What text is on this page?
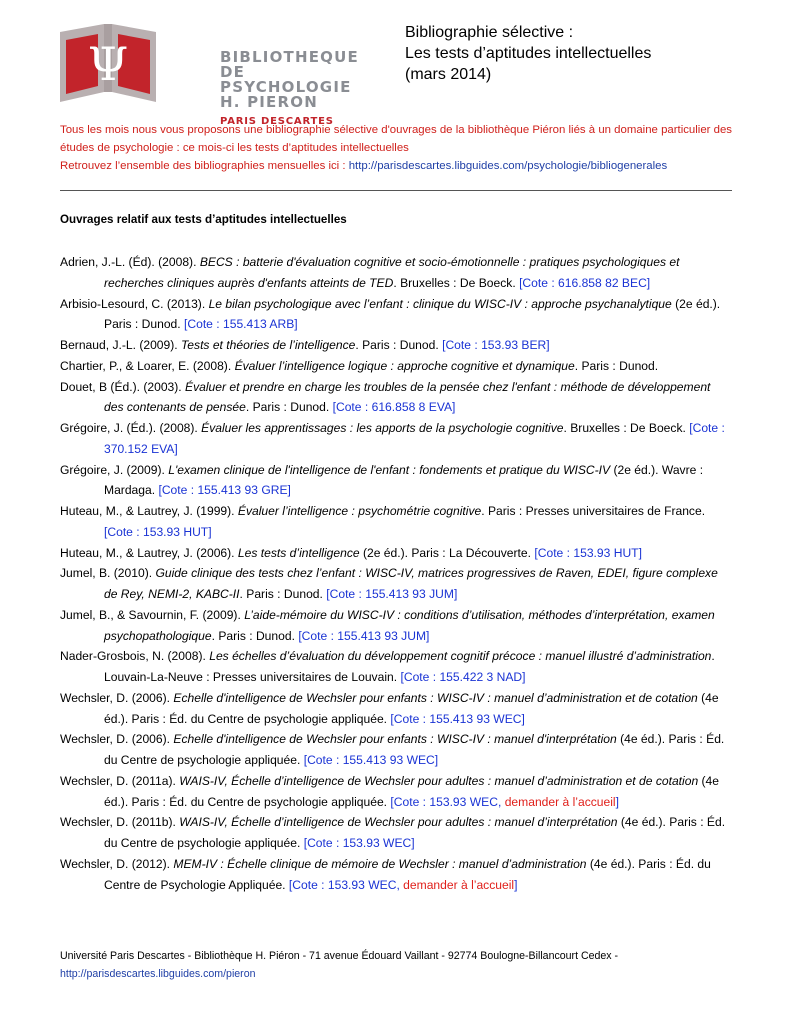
Ψ	BIBLIOTHEQUE DE
PSYCHOLOGIE H. PIERON
PARIS DESCARTES
Bibliographie sélective :
Les tests d’aptitudes intellectuelles
(mars 2014)

Tous les mois nous vous proposons une bibliographie sélective d'ouvrages de la bibliothèque Piéron liés à un domaine particulier des études de psychologie : ce mois-ci les tests d’aptitudes intellectuelles

Retrouvez l’ensemble des bibliographies mensuelles ici : http://parisdescartes.libguides.com/psychologie/bibliogenerales

Ouvrages relatif aux tests d’aptitudes intellectuelles
Adrien, J.-L. (Éd). (2008). BECS : batterie d'évaluation cognitive et socio-émotionnelle : pratiques psychologiques et recherches cliniques auprès d'enfants atteints de TED. Bruxelles : De Boeck. [Cote : 616.858 82 BEC]
Arbisio-Lesourd, C. (2013). Le bilan psychologique avec l’enfant : clinique du WISC-IV : approche psychanalytique (2e éd.). Paris : Dunod. [Cote : 155.413 ARB]
Bernaud, J.-L. (2009). Tests et théories de l’intelligence. Paris : Dunod. [Cote : 153.93 BER]
Chartier, P., & Loarer, E. (2008). Évaluer l’intelligence logique : approche cognitive et dynamique. Paris : Dunod.
Douet, B (Éd.). (2003). Évaluer et prendre en charge les troubles de la pensée chez l'enfant : méthode de développement des contenants de pensée. Paris : Dunod. [Cote : 616.858 8 EVA]
Grégoire, J. (Éd.). (2008). Évaluer les apprentissages : les apports de la psychologie cognitive. Bruxelles : De Boeck. [Cote : 370.152 EVA]
Grégoire, J. (2009). L'examen clinique de l'intelligence de l'enfant : fondements et pratique du WISC-IV (2e éd.). Wavre : Mardaga. [Cote : 155.413 93 GRE]
Huteau, M., & Lautrey, J. (1999). Évaluer l’intelligence : psychométrie cognitive. Paris : Presses universitaires de France. [Cote : 153.93 HUT]
Huteau, M., & Lautrey, J. (2006). Les tests d’intelligence (2e éd.). Paris : La Découverte. [Cote : 153.93 HUT]
Jumel, B. (2010). Guide clinique des tests chez l’enfant : WISC-IV, matrices progressives de Raven, EDEI, figure complexe de Rey, NEMI-2, KABC-II. Paris : Dunod. [Cote : 155.413 93 JUM]
Jumel, B., & Savournin, F. (2009). L’aide-mémoire du WISC-IV : conditions d’utilisation, méthodes d’interprétation, examen psychopathologique. Paris : Dunod. [Cote : 155.413 93 JUM]
Nader-Grosbois, N. (2008). Les échelles d’évaluation du développement cognitif précoce : manuel illustré d’administration. Louvain-La-Neuve : Presses universitaires de Louvain. [Cote : 155.422 3 NAD]
Wechsler, D. (2006). Echelle d'intelligence de Wechsler pour enfants : WISC-IV : manuel d’administration et de cotation (4e éd.). Paris : Éd. du Centre de psychologie appliquée. [Cote : 155.413 93 WEC]
Wechsler, D. (2006). Echelle d'intelligence de Wechsler pour enfants : WISC-IV : manuel d'interprétation (4e éd.). Paris : Éd. du Centre de psychologie appliquée. [Cote : 155.413 93 WEC]
Wechsler, D. (2011a). WAIS-IV, Échelle d’intelligence de Wechsler pour adultes : manuel d’administration et de cotation (4e éd.). Paris : Éd. du Centre de psychologie appliquée. [Cote : 153.93 WEC, demander à l’accueil]
Wechsler, D. (2011b). WAIS-IV, Échelle d’intelligence de Wechsler pour adultes : manuel d’interprétation (4e éd.). Paris : Éd. du Centre de psychologie appliquée. [Cote : 153.93 WEC]
Wechsler, D. (2012). MEM-IV : Échelle clinique de mémoire de Wechsler : manuel d’administration (4e éd.). Paris : Éd. du Centre de Psychologie Appliquée. [Cote : 153.93 WEC, demander à l’accueil]
Université Paris Descartes - Bibliothèque H. Piéron - 71 avenue Édouard Vaillant - 92774 Boulogne-Billancourt Cedex -
http://parisdescartes.libguides.com/pieron
